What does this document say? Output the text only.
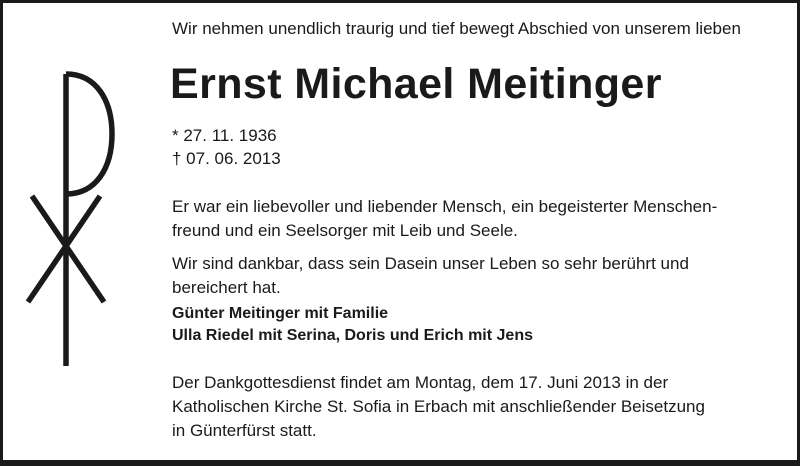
Wir nehmen unendlich traurig und tief bewegt Abschied von unserem lieben
Ernst Michael Meitinger
* 27. 11. 1936
† 07. 06. 2013
Er war ein liebevoller und liebender Mensch, ein begeisterter Menschen-
freund und ein Seelsorger mit Leib und Seele.
Wir sind dankbar, dass sein Dasein unser Leben so sehr berührt und
bereichert hat.
Günter Meitinger mit Familie
Ulla Riedel mit Serina, Doris und Erich mit Jens
Der Dankgottesdienst findet am Montag, dem 17. Juni 2013 in der
Katholischen Kirche St. Sofia in Erbach mit anschließender Beisetzung
in Günterfürst statt.
